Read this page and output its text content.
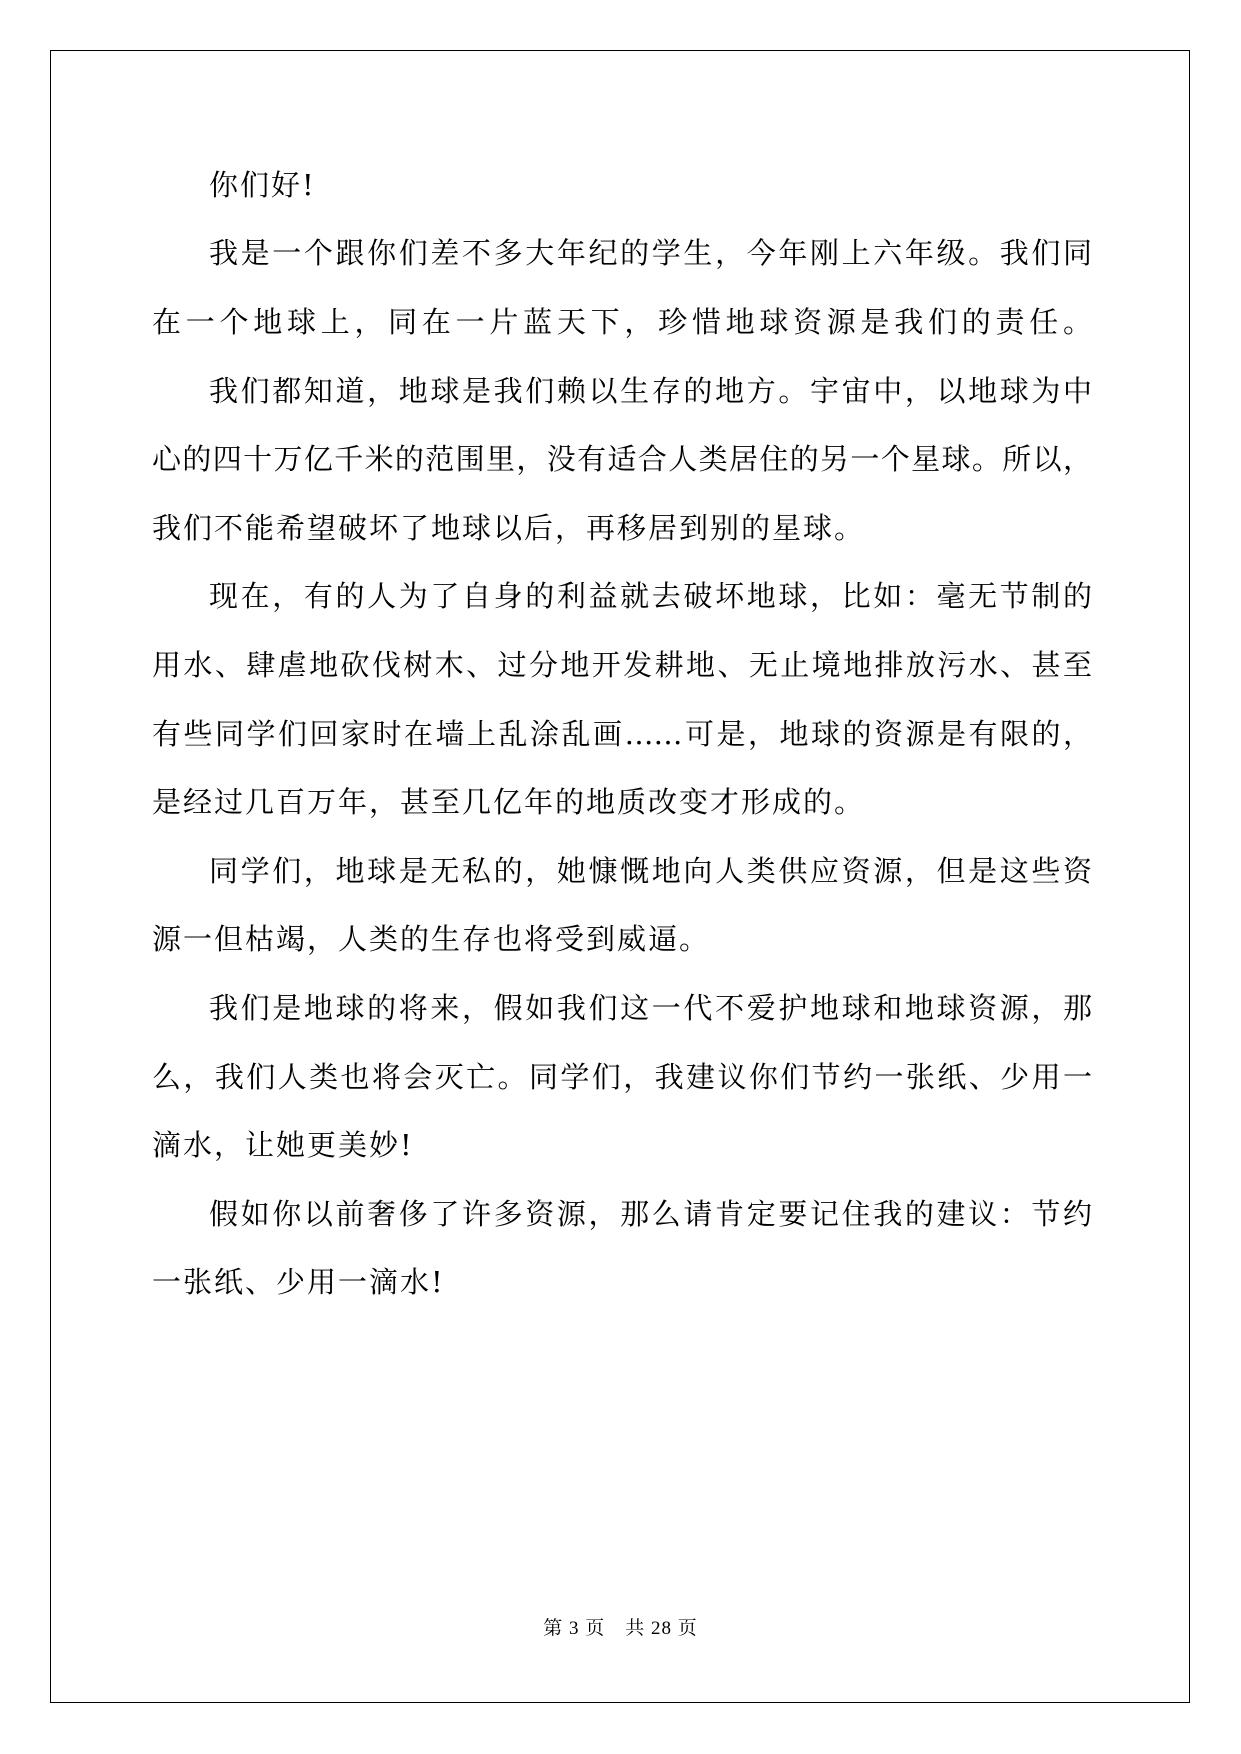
你们好!
我是一个跟你们差不多大年纪的学生，今年刚上六年级。我们同
在一个地球上，同在一片蓝天下，珍惜地球资源是我们的责任。
我们都知道，地球是我们赖以生存的地方。宇宙中，以地球为中
心的四十万亿千米的范围里，没有适合人类居住的另一个星球。所以，
我们不能希望破坏了地球以后，再移居到别的星球。
现在，有的人为了自身的利益就去破坏地球，比如：毫无节制的
用水、肆虐地砍伐树木、过分地开发耕地、无止境地排放污水、甚至
有些同学们回家时在墙上乱涂乱画……可是，地球的资源是有限的，
是经过几百万年，甚至几亿年的地质改变才形成的。
同学们，地球是无私的，她慷慨地向人类供应资源，但是这些资
源一但枯竭，人类的生存也将受到威逼。
我们是地球的将来，假如我们这一代不爱护地球和地球资源，那
么，我们人类也将会灭亡。同学们，我建议你们节约一张纸、少用一
滴水，让她更美妙!
假如你以前奢侈了许多资源，那么请肯定要记住我的建议：节约
一张纸、少用一滴水!
第 3 页　共 28 页
